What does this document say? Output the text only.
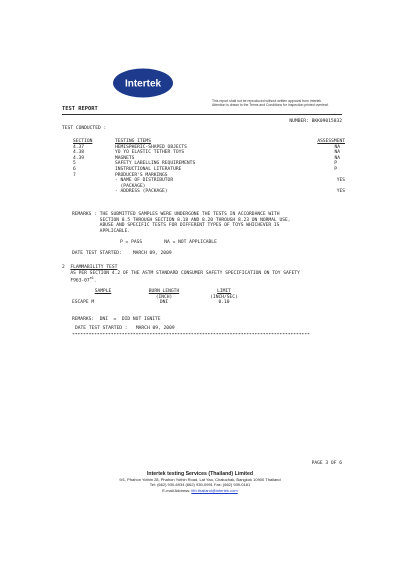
Intertek
This report shall not be reproduced without written approval from Intertek.
Attention is drawn to the Terms and Conditions for Inspection printed overleaf.
TEST REPORT
NUMBER: BKK09015832
TEST CONDUCTED :
SECTION	TESTING ITEMS	ASSESSMENT
4.37	HEMISPHERIC-SHAPED OBJECTS	NA
4.38	YO YO ELASTIC TETHER TOYS	NA
4.39	MAGNETS	NA
5	SAFETY LABELLING REQUIREMENTS	P
6	INSTRUCTIONAL LITERATURE	P
7	PRODUCER'S MARKINGS	
	- NAME OF DISTRIBUTOR	YES
	(PACKAGE)	
	- ADDRESS (PACKAGE)	YES
REMARKS : THE SUBMITTED SAMPLES WERE UNDERGONE THE TESTS IN ACCORDANCE WITH
SECTION 8.5 THROUGH SECTION 8.18 AND 8.20 THROUGH 8.23 ON NORMAL USE,
ABUSE AND SPECIFIC TESTS FOR DIFFERENT TYPES OF TOYS WHICHEVER IS
APPLICABLE.
P = PASS	NA = NOT APPLICABLE
DATE TEST STARTED: MARCH 09, 2009
2 FLAMMABILITY TEST
AS PER SECTION 4.2 OF THE ASTM STANDARD CONSUMER SAFETY SPECIFICATION ON TOY SAFETY
$F963-07^{e1}$.
SAMPLE	BURN LENGTH	LIMIT
	(INCH)	(INCH/SEC)
ESCAPE M	DNI	0.10
REMARKS: DNI =  DID NOT IGNITE
DATE TEST STARTED : MARCH 09, 2009
**************************************************************************************
PAGE 3 OF 6
Intertek testing Services (Thailand) Limited
9/1, Phahon Yothin 28, Phahon Yothin Road, Lat Yao, Chatuchak, Bangkok 10900 Thailand
Tel: (662) 930-6934 (662) 939-0991 Fax: (662) 939-0181
E-mail Address: itth.thailand@intertek.com
